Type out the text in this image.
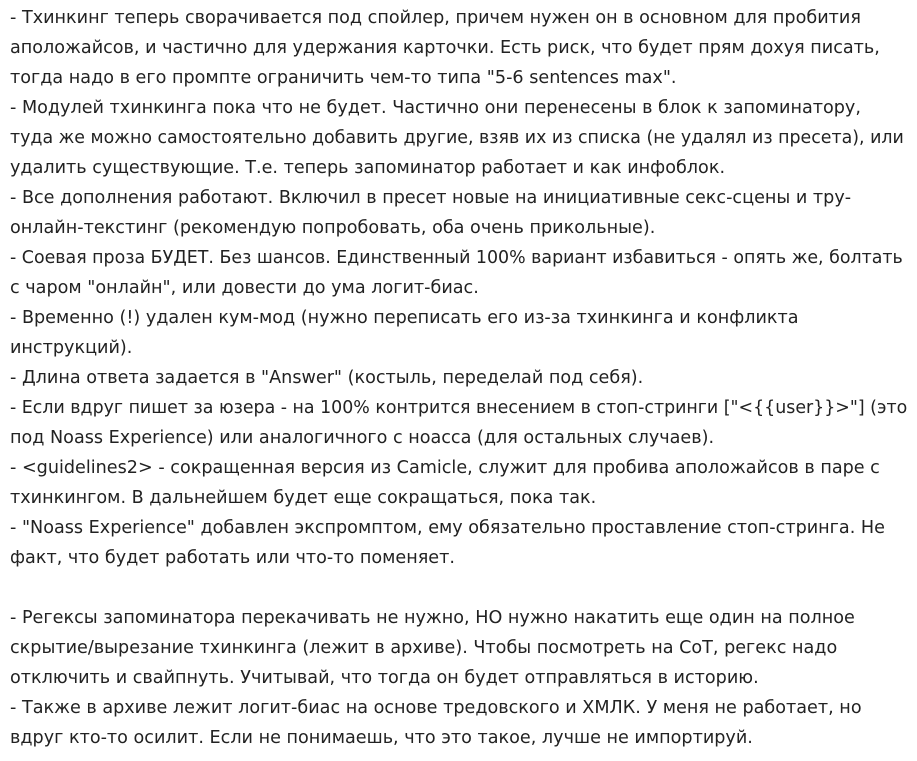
- Тхинкинг теперь сворачивается под спойлер, причем нужен он в основном для пробития
аположайсов, и частично для удержания карточки. Есть риск, что будет прям дохуя писать,
тогда надо в его промпте ограничить чем-то типа "5-6 sentences max".
- Модулей тхинкинга пока что не будет. Частично они перенесены в блок к запоминатору,
туда же можно самостоятельно добавить другие, взяв их из списка (не удалял из пресета), или
удалить существующие. Т.е. теперь запоминатор работает и как инфоблок.
- Все дополнения работают. Включил в пресет новые на инициативные секс-сцены и тру-
онлайн-текстинг (рекомендую попробовать, оба очень прикольные).
- Соевая проза БУДЕТ. Без шансов. Единственный 100% вариант избавиться - опять же, болтать
с чаром "онлайн", или довести до ума логит-биас.
- Временно (!) удален кум-мод (нужно переписать его из-за тхинкинга и конфликта
инструкций).
- Длина ответа задается в "Answer" (костыль, переделай под себя).
- Если вдруг пишет за юзера - на 100% контрится внесением в стоп-стринги ["<{{user}}>"] (это
под Noass Experience) или аналогичного с ноасса (для остальных случаев).
- <guidelines2> - сокращенная версия из Camicle, служит для пробива аположайсов в паре с
тхинкингом. В дальнейшем будет еще сокращаться, пока так.
- "Noass Experience" добавлен экспромптом, ему обязательно проставление стоп-стринга. Не
факт, что будет работать или что-то поменяет.
- Регексы запоминатора перекачивать не нужно, НО нужно накатить еще один на полное
скрытие/вырезание тхинкинга (лежит в архиве). Чтобы посмотреть на CoT, регекс надо
отключить и свайпнуть. Учитывай, что тогда он будет отправляться в историю.
- Также в архиве лежит логит-биас на основе тредовского и ХМЛК. У меня не работает, но
вдруг кто-то осилит. Если не понимаешь, что это такое, лучше не импортируй.
